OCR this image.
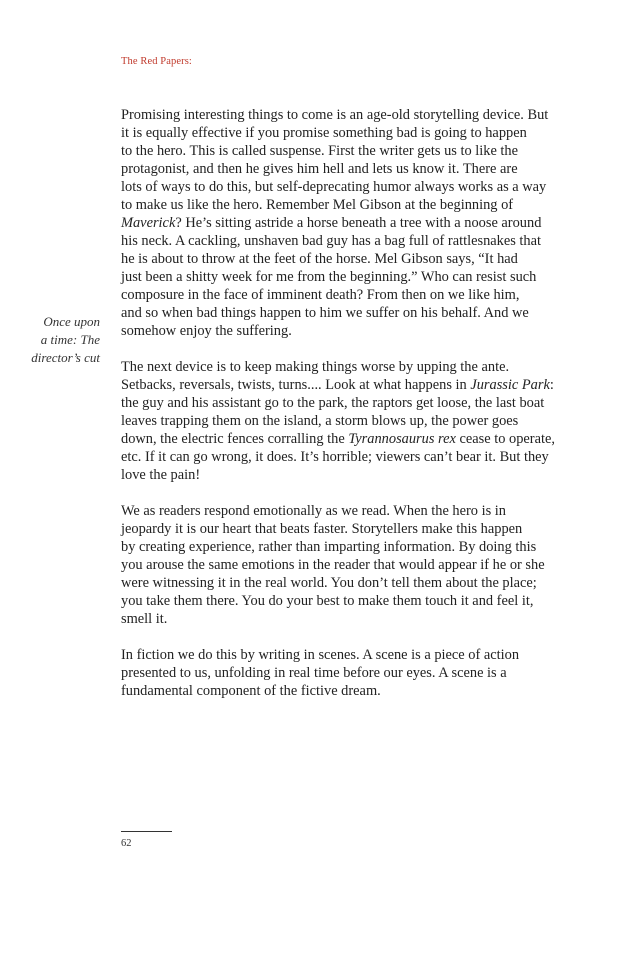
The Red Papers:
Once upon
a time: The
director’s cut

Promising interesting things to come is an age-old storytelling device. But
it is equally effective if you promise something bad is going to happen
to the hero. This is called suspense. First the writer gets us to like the
protagonist, and then he gives him hell and lets us know it. There are
lots of ways to do this, but self-deprecating humor always works as a way
to make us like the hero. Remember Mel Gibson at the beginning of
Maverick? He’s sitting astride a horse beneath a tree with a noose around
his neck. A cackling, unshaven bad guy has a bag full of rattlesnakes that
he is about to throw at the feet of the horse. Mel Gibson says, “It had
just been a shitty week for me from the beginning.” Who can resist such
composure in the face of imminent death? From then on we like him,
and so when bad things happen to him we suffer on his behalf. And we
somehow enjoy the suffering.

The next device is to keep making things worse by upping the ante.
Setbacks, reversals, twists, turns.... Look at what happens in Jurassic Park:
the guy and his assistant go to the park, the raptors get loose, the last boat
leaves trapping them on the island, a storm blows up, the power goes
down, the electric fences corralling the Tyrannosaurus rex cease to operate,
etc. If it can go wrong, it does. It’s horrible; viewers can’t bear it. But they
love the pain!

We as readers respond emotionally as we read. When the hero is in
jeopardy it is our heart that beats faster. Storytellers make this happen
by creating experience, rather than imparting information. By doing this
you arouse the same emotions in the reader that would appear if he or she
were witnessing it in the real world. You don’t tell them about the place;
you take them there. You do your best to make them touch it and feel it,
smell it.

In fiction we do this by writing in scenes. A scene is a piece of action
presented to us, unfolding in real time before our eyes. A scene is a
fundamental component of the fictive dream.

62
